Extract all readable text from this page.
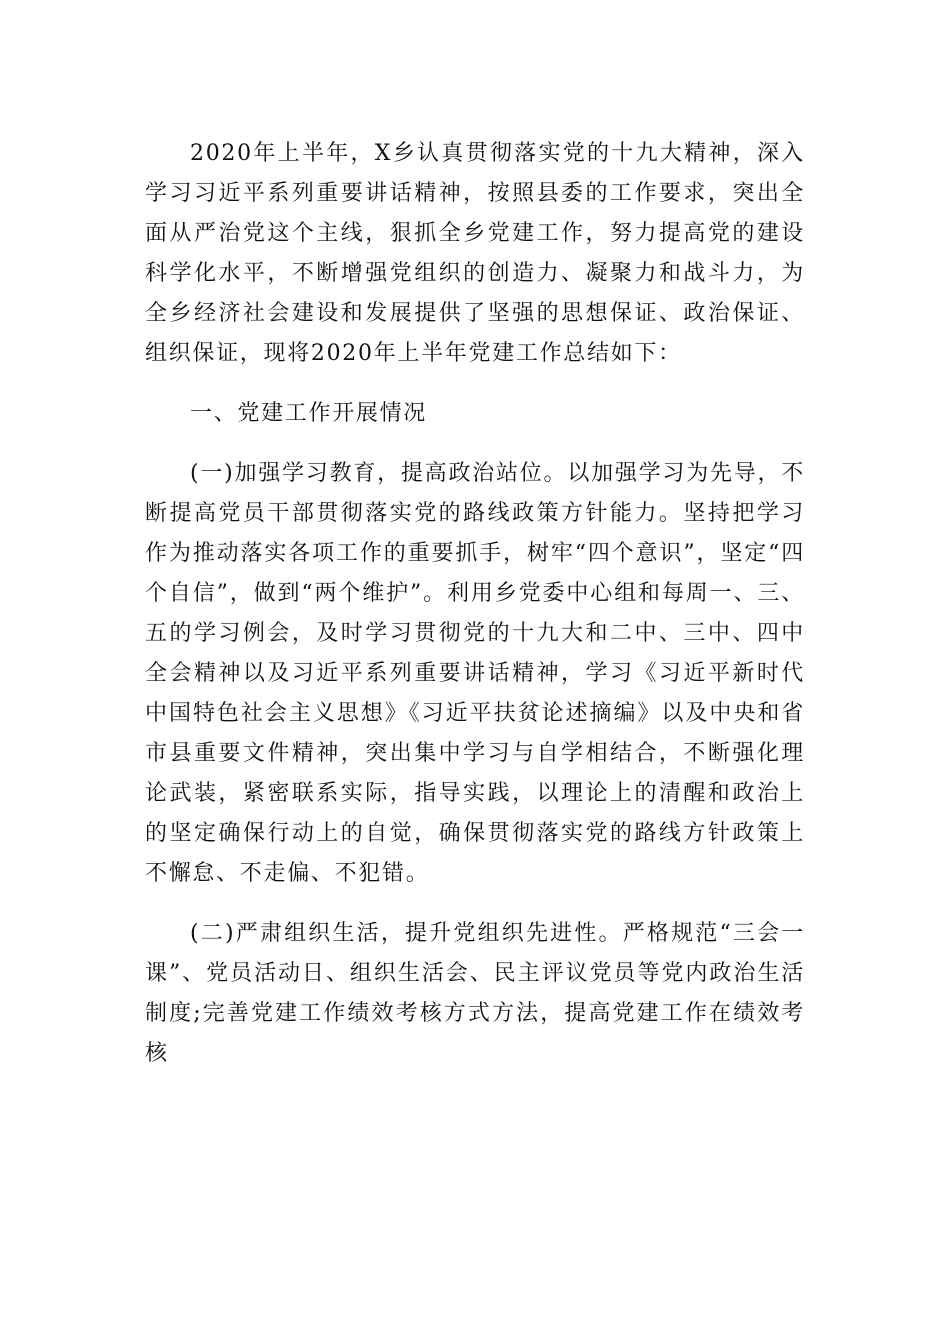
2020年上半年，X乡认真贯彻落实党的十九大精神，深入学习习近平系列重要讲话精神，按照县委的工作要求，突出全面从严治党这个主线，狠抓全乡党建工作，努力提高党的建设科学化水平，不断增强党组织的创造力、凝聚力和战斗力，为全乡经济社会建设和发展提供了坚强的思想保证、政治保证、组织保证，现将2020年上半年党建工作总结如下：

一、党建工作开展情况

(一)加强学习教育，提高政治站位。以加强学习为先导，不断提高党员干部贯彻落实党的路线政策方针能力。坚持把学习作为推动落实各项工作的重要抓手，树牢“四个意识”，坚定“四个自信”，做到“两个维护”。利用乡党委中心组和每周一、三、五的学习例会，及时学习贯彻党的十九大和二中、三中、四中全会精神以及习近平系列重要讲话精神，学习《习近平新时代中国特色社会主义思想》《习近平扶贫论述摘编》以及中央和省市县重要文件精神，突出集中学习与自学相结合，不断强化理论武装，紧密联系实际，指导实践，以理论上的清醒和政治上的坚定确保行动上的自觉，确保贯彻落实党的路线方针政策上不懈怠、不走偏、不犯错。

(二)严肃组织生活，提升党组织先进性。严格规范“三会一课”、党员活动日、组织生活会、民主评议党员等党内政治生活制度;完善党建工作绩效考核方式方法，提高党建工作在绩效考核
